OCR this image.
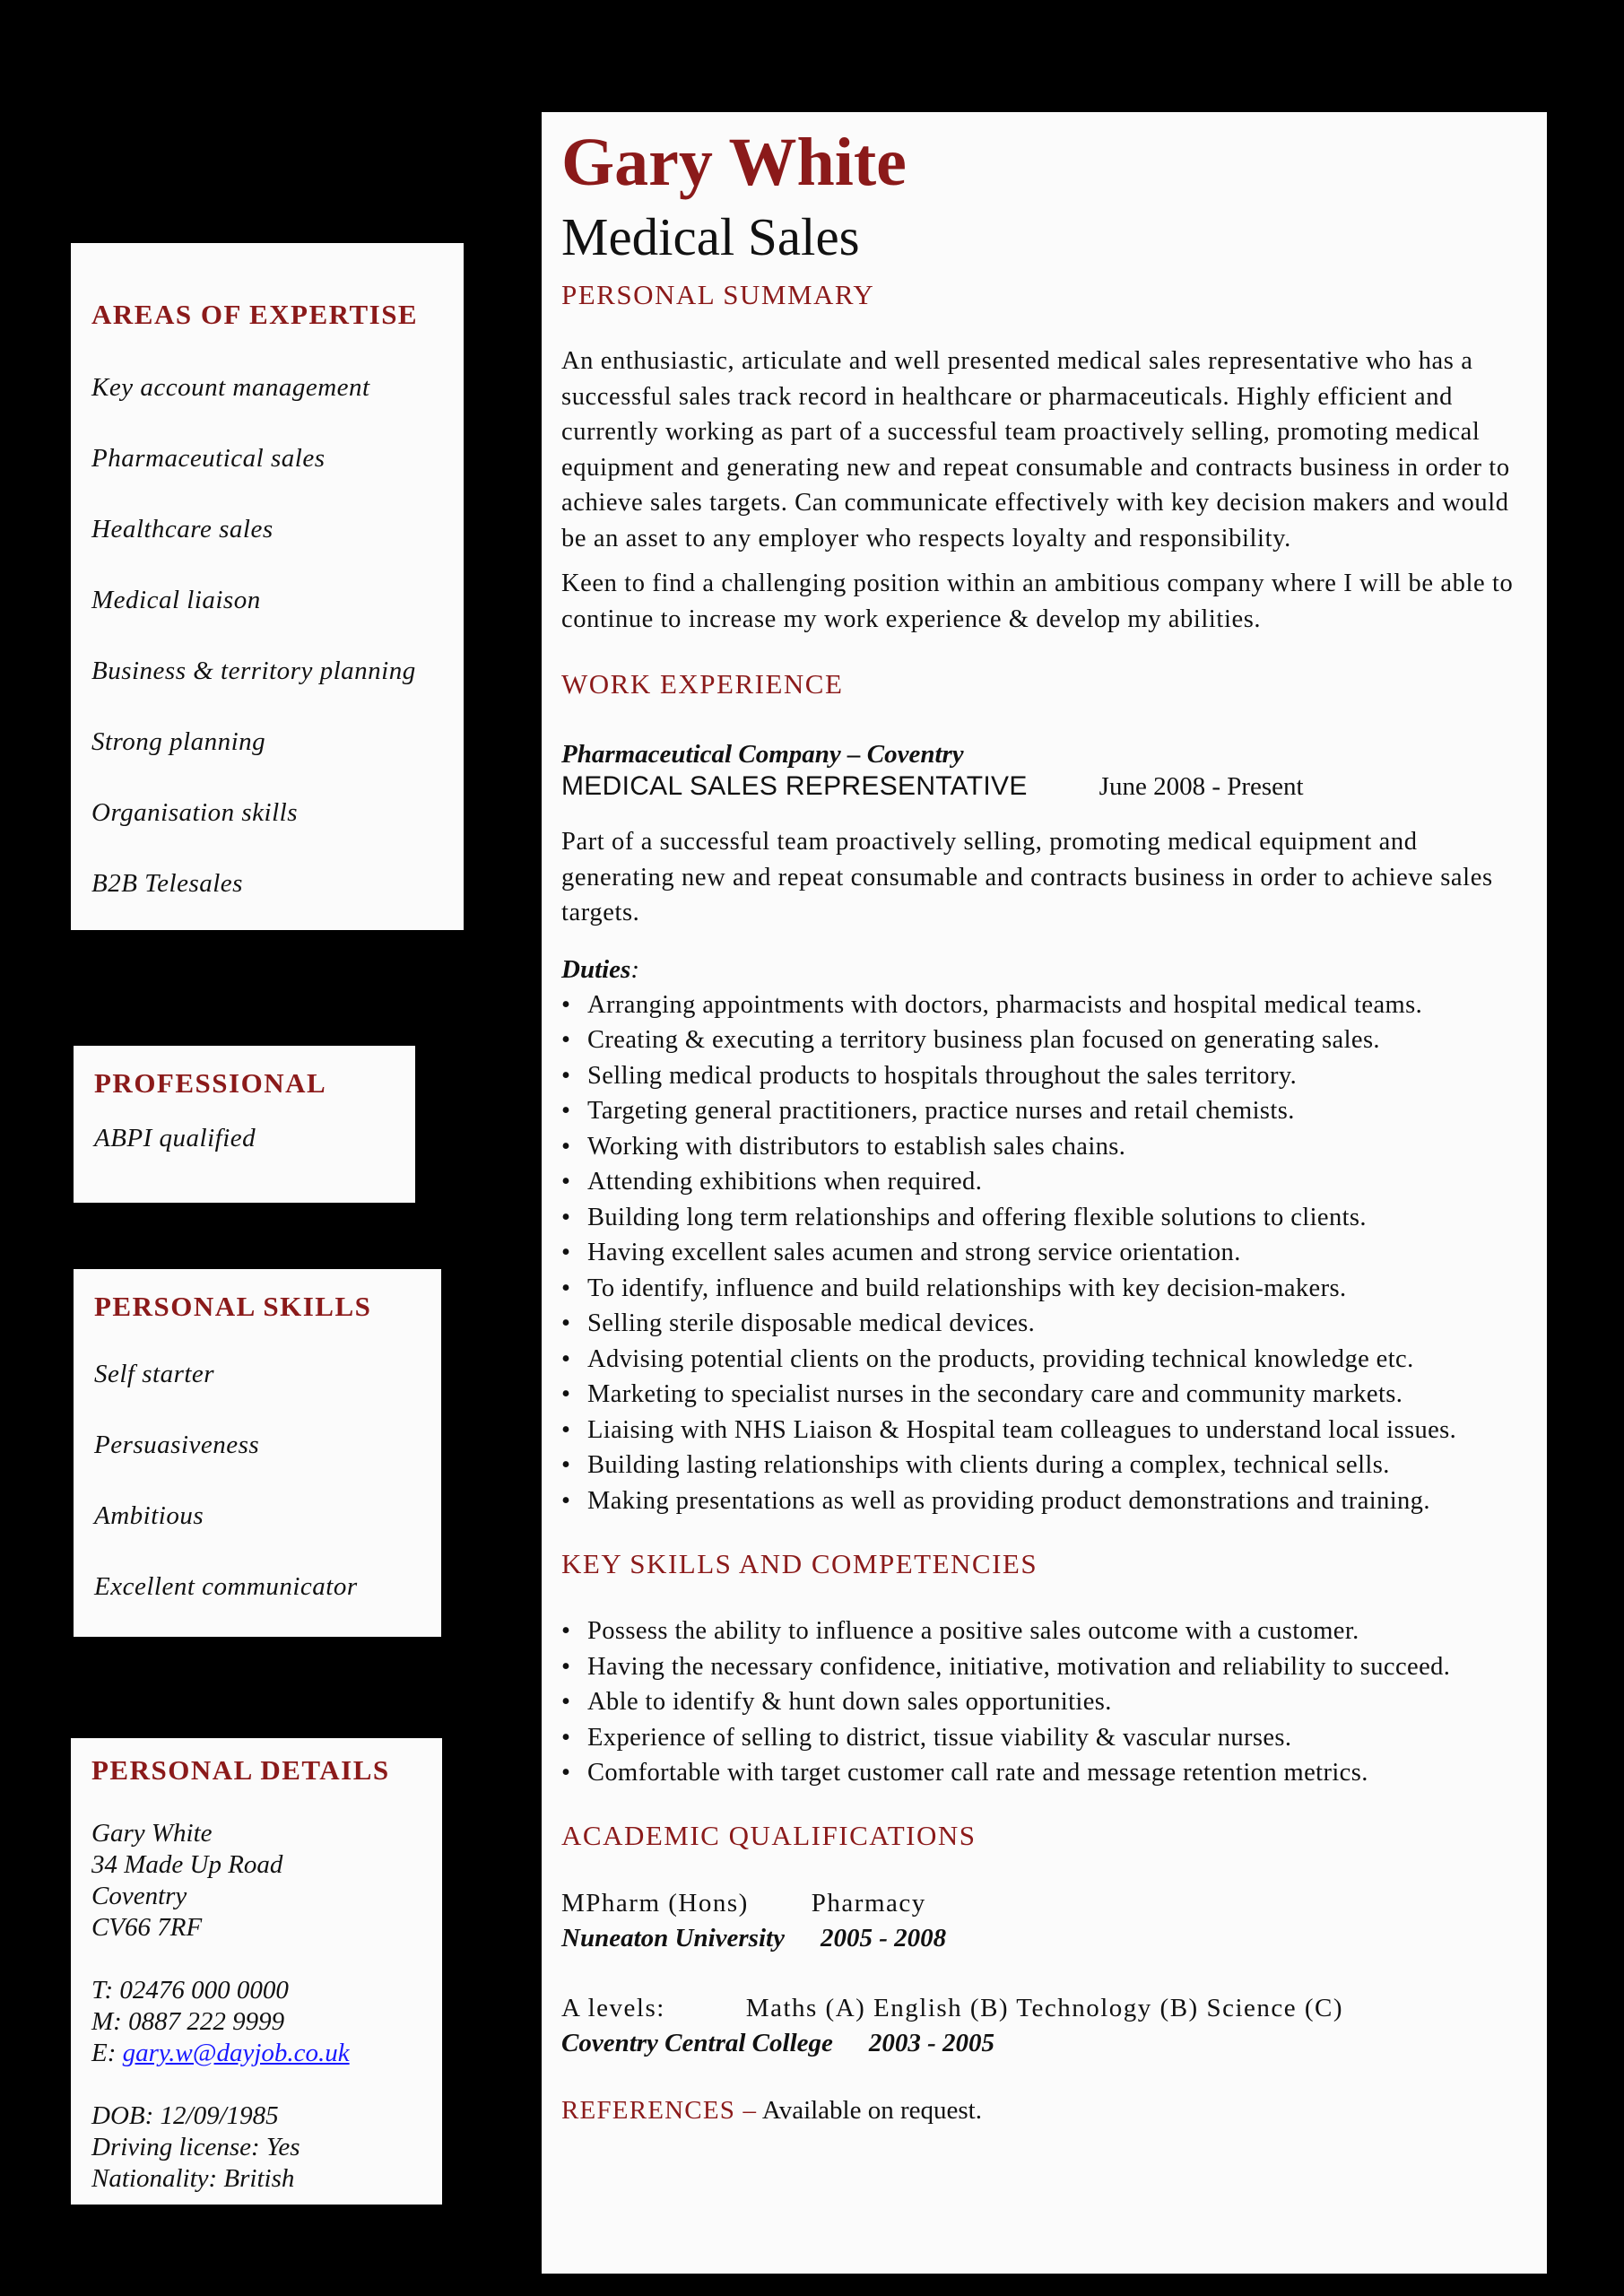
AREAS OF EXPERTISE
Key account management
Pharmaceutical sales
Healthcare sales
Medical liaison
Business & territory planning
Strong planning
Organisation skills
B2B Telesales
PROFESSIONAL
ABPI qualified
PERSONAL SKILLS
Self starter
Persuasiveness
Ambitious
Excellent communicator
PERSONAL DETAILS
Gary White
34 Made Up Road
Coventry
CV66 7RF
T: 02476 000 0000
M: 0887 222 9999
E: gary.w@dayjob.co.uk
DOB: 12/09/1985
Driving license: Yes
Nationality: British
Gary White
Medical Sales
PERSONAL SUMMARY

An enthusiastic, articulate and well presented medical sales representative who has a successful sales track record in healthcare or pharmaceuticals. Highly efficient and currently working as part of a successful team proactively selling, promoting medical equipment and generating new and repeat consumable and contracts business in order to achieve sales targets. Can communicate effectively with key decision makers and would be an asset to any employer who respects loyalty and responsibility.

Keen to find a challenging position within an ambitious company where I will be able to continue to increase my work experience & develop my abilities.

WORK EXPERIENCE
Pharmaceutical Company – Coventry
MEDICAL SALES REPRESENTATIVE	June 2008 - Present

Part of a successful team proactively selling, promoting medical equipment and generating new and repeat consumable and contracts business in order to achieve sales targets.

Duties:
• Arranging appointments with doctors, pharmacists and hospital medical teams.
• Creating & executing a territory business plan focused on generating sales.
• Selling medical products to hospitals throughout the sales territory.
• Targeting general practitioners, practice nurses and retail chemists.
• Working with distributors to establish sales chains.
• Attending exhibitions when required.
• Building long term relationships and offering flexible solutions to clients.
• Having excellent sales acumen and strong service orientation.
• To identify, influence and build relationships with key decision-makers.
• Selling sterile disposable medical devices.
• Advising potential clients on the products, providing technical knowledge etc.
• Marketing to specialist nurses in the secondary care and community markets.
• Liaising with NHS Liaison & Hospital team colleagues to understand local issues.
• Building lasting relationships with clients during a complex, technical sells.
• Making presentations as well as providing product demonstrations and training.
KEY SKILLS AND COMPETENCIES
• Possess the ability to influence a positive sales outcome with a customer.
• Having the necessary confidence, initiative, motivation and reliability to succeed.
• Able to identify & hunt down sales opportunities.
• Experience of selling to district, tissue viability & vascular nurses.
• Comfortable with target customer call rate and message retention metrics.
ACADEMIC QUALIFICATIONS
MPharm (Hons) Pharmacy
Nuneaton University 2005 - 2008
A levels:	Maths (A) English (B) Technology (B) Science (C)
Coventry Central College 2003 - 2005
REFERENCES – Available on request.
